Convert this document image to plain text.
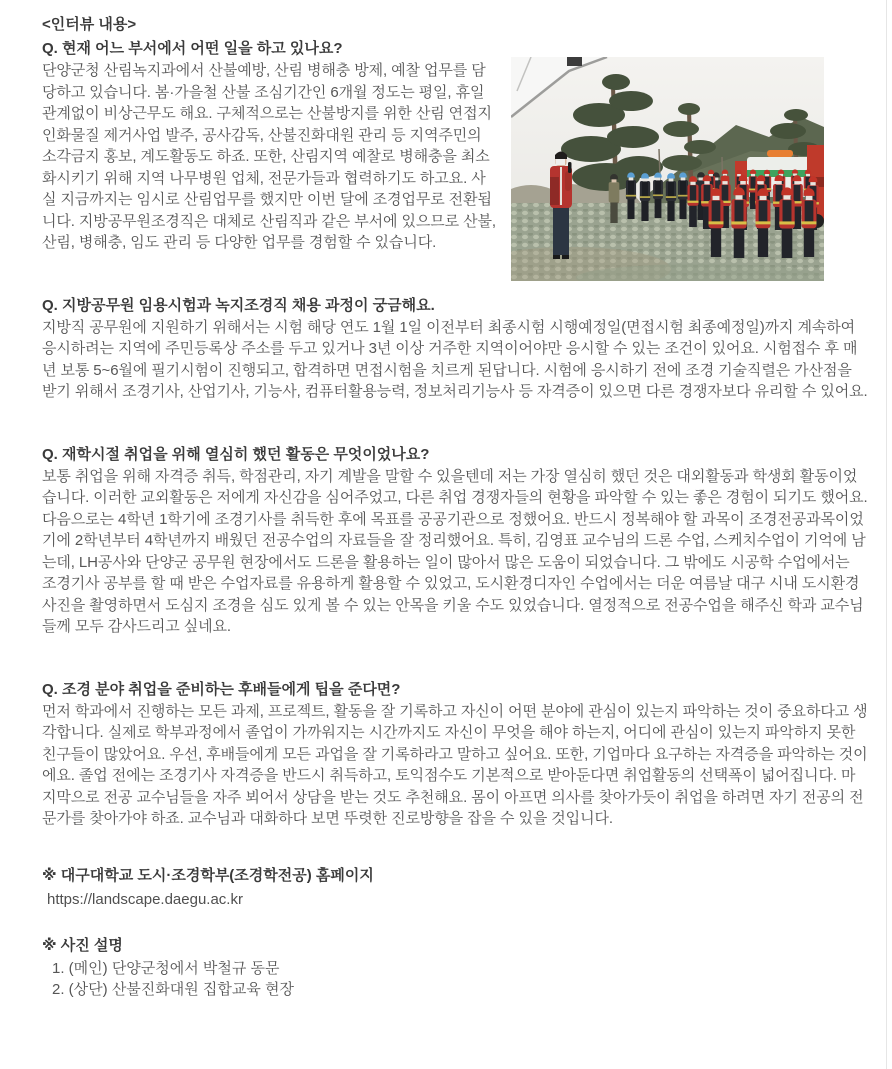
<인터뷰 내용>
Q. 현재 어느 부서에서 어떤 일을 하고 있나요?

단양군청 산림녹지과에서 산불예방, 산림 병해충 방제, 예찰 업무를 담당하고 있습니다. 봄·가을철 산불 조심기간인 6개월 정도는 평일, 휴일 관계없이 비상근무도 해요. 구체적으로는 산불방지를 위한 산림 연접지 인화물질 제거사업 발주, 공사감독, 산불진화대원 관리 등 지역주민의 소각금지 홍보, 계도활동도 하죠. 또한, 산림지역 예찰로 병해충을 최소화시키기 위해 지역 나무병원 업체, 전문가들과 협력하기도 하고요. 사실 지금까지는 임시로 산림업무를 했지만 이번 달에 조경업무로 전환됩니다. 지방공무원조경직은 대체로 산림직과 같은 부서에 있으므로 산불, 산림, 병해충, 임도 관리 등 다양한 업무를 경험할 수 있습니다.

Q. 지방공무원 임용시험과 녹지조경직 채용 과정이 궁금해요.

지방직 공무원에 지원하기 위해서는 시험 해당 연도 1월 1일 이전부터 최종시험 시행예정일(면접시험 최종예정일)까지 계속하여 응시하려는 지역에 주민등록상 주소를 두고 있거나 3년 이상 거주한 지역이어야만 응시할 수 있는 조건이 있어요. 시험접수 후 매년 보통 5~6월에 필기시험이 진행되고, 합격하면 면접시험을 치르게 된답니다. 시험에 응시하기 전에 조경 기술직렬은 가산점을 받기 위해서 조경기사, 산업기사, 기능사, 컴퓨터활용능력, 정보처리기능사 등 자격증이 있으면 다른 경쟁자보다 유리할 수 있어요.

Q. 재학시절 취업을 위해 열심히 했던 활동은 무엇이었나요?

보통 취업을 위해 자격증 취득, 학점관리, 자기 계발을 말할 수 있을텐데 저는 가장 열심히 했던 것은 대외활동과 학생회 활동이었습니다. 이러한 교외활동은 저에게 자신감을 심어주었고, 다른 취업 경쟁자들의 현황을 파악할 수 있는 좋은 경험이 되기도 했어요. 다음으로는 4학년 1학기에 조경기사를 취득한 후에 목표를 공공기관으로 정했어요. 반드시 정복해야 할 과목이 조경전공과목이었기에 2학년부터 4학년까지 배웠던 전공수업의 자료들을 잘 정리했어요. 특히, 김영표 교수님의 드론 수업, 스케치수업이 기억에 남는데, LH공사와 단양군 공무원 현장에서도 드론을 활용하는 일이 많아서 많은 도움이 되었습니다. 그 밖에도 시공학 수업에서는 조경기사 공부를 할 때 받은 수업자료를 유용하게 활용할 수 있었고, 도시환경디자인 수업에서는 더운 여름날 대구 시내 도시환경 사진을 촬영하면서 도심지 조경을 심도 있게 볼 수 있는 안목을 키울 수도 있었습니다. 열정적으로 전공수업을 해주신 학과 교수님들께 모두 감사드리고 싶네요.

Q. 조경 분야 취업을 준비하는 후배들에게 팁을 준다면?

먼저 학과에서 진행하는 모든 과제, 프로젝트, 활동을 잘 기록하고 자신이 어떤 분야에 관심이 있는지 파악하는 것이 중요하다고 생각합니다. 실제로 학부과정에서 졸업이 가까워지는 시간까지도 자신이 무엇을 해야 하는지, 어디에 관심이 있는지 파악하지 못한 친구들이 많았어요. 우선, 후배들에게 모든 과업을 잘 기록하라고 말하고 싶어요. 또한, 기업마다 요구하는 자격증을 파악하는 것이에요. 졸업 전에는 조경기사 자격증을 반드시 취득하고, 토익점수도 기본적으로 받아둔다면 취업활동의 선택폭이 넓어집니다. 마지막으로 전공 교수님들을 자주 뵈어서 상담을 받는 것도 추천해요. 몸이 아프면 의사를 찾아가듯이 취업을 하려면 자기 전공의 전문가를 찾아가야 하죠. 교수님과 대화하다 보면 뚜렷한 진로방향을 잡을 수 있을 것입니다.

※ 대구대학교 도시·조경학부(조경학전공) 홈페이지
https://landscape.daegu.ac.kr
※ 사진 설명
1. (메인) 단양군청에서 박철규 동문
2. (상단) 산불진화대원 집합교육 현장
